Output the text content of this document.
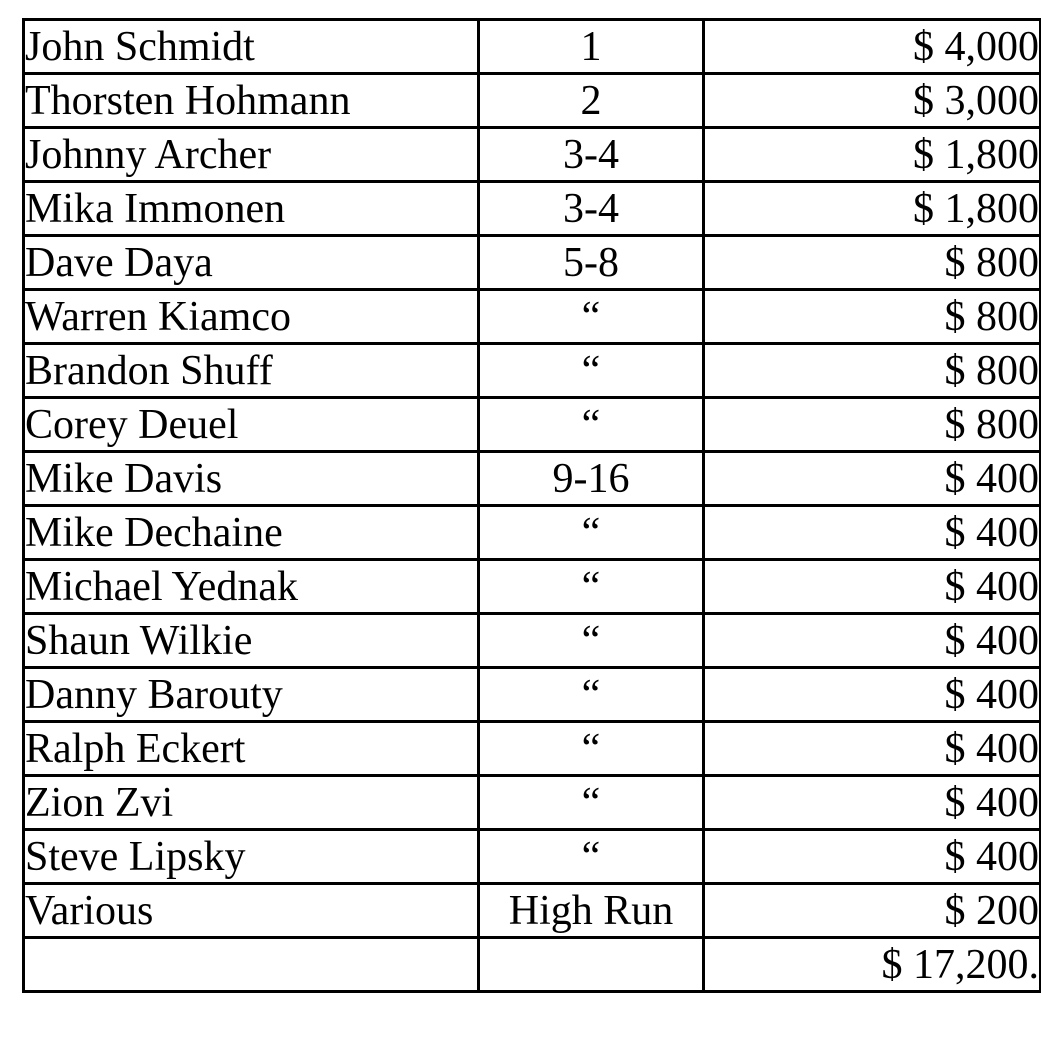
John Schmidt	1	$ 4,000
Thorsten Hohmann	2	$ 3,000
Johnny Archer	3-4	$ 1,800
Mika Immonen	3-4	$ 1,800
Dave Daya	5-8	$ 800
Warren Kiamco	“	$ 800
Brandon Shuff	“	$ 800
Corey Deuel	“	$ 800
Mike Davis	9-16	$ 400
Mike Dechaine	“	$ 400
Michael Yednak	“	$ 400
Shaun Wilkie	“	$ 400
Danny Barouty	“	$ 400
Ralph Eckert	“	$ 400
Zion Zvi	“	$ 400
Steve Lipsky	“	$ 400
Various	High Run	$ 200
		$ 17,200.
